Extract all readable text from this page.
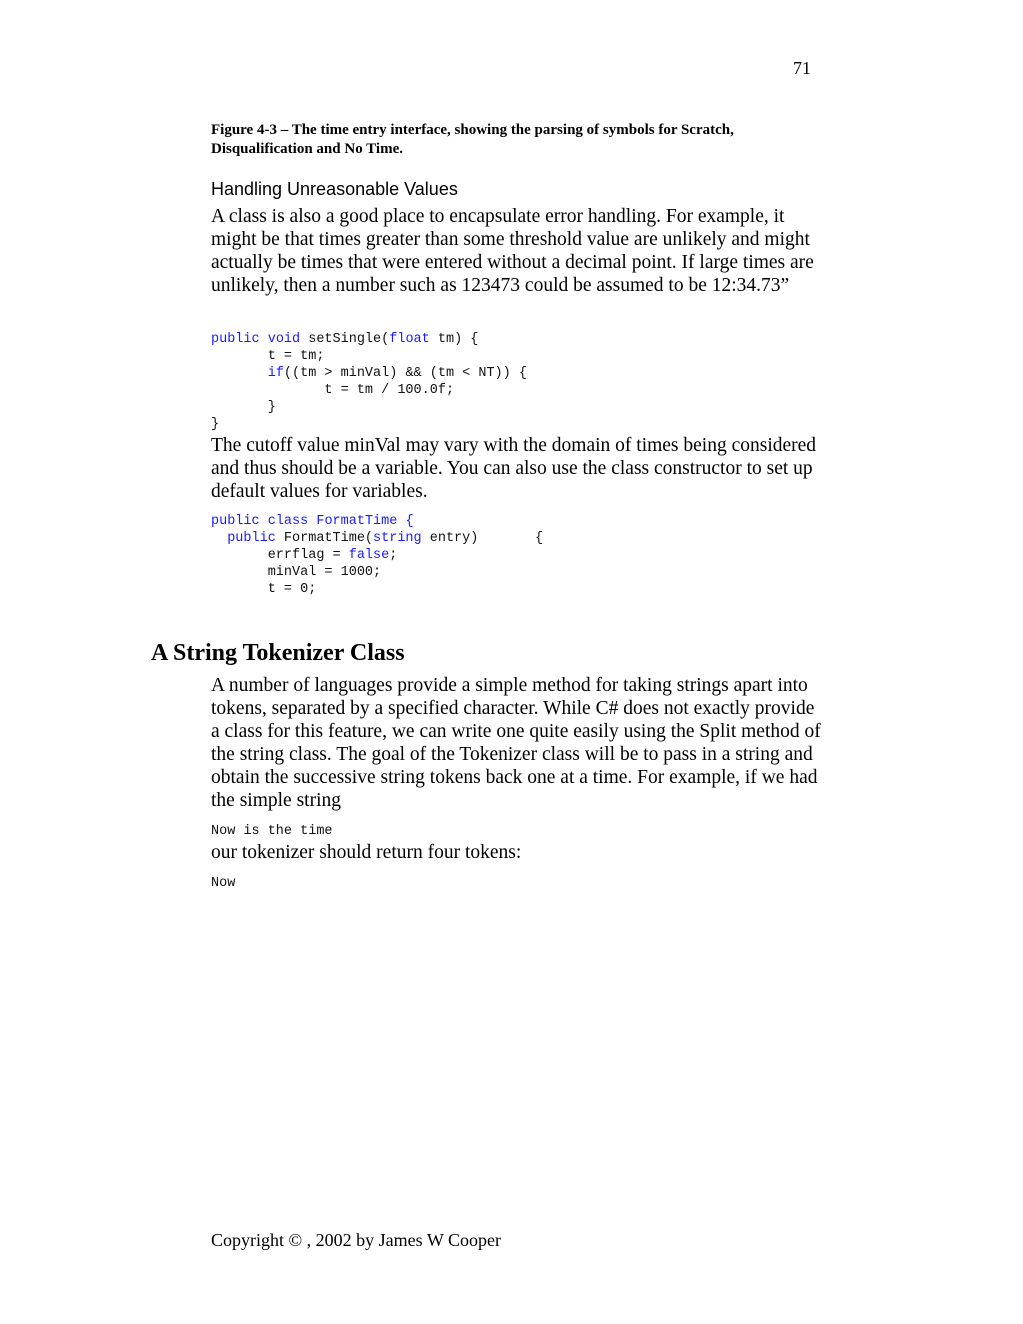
71
Figure 4-3 – The time entry interface, showing the parsing of symbols for Scratch, Disqualification and No Time.
Handling Unreasonable Values
A class is also a good place to encapsulate error handling. For example, it might be that times greater than some threshold value are unlikely and might actually be times that were entered without a decimal point. If large times are unlikely, then a number such as 123473 could be assumed to be 12:34.73”
public void setSingle(float tm) {
t = tm;
if((tm > minVal) && (tm < NT)) {
t = tm / 100.0f;
}
}
The cutoff value minVal may vary with the domain of times being considered and thus should be a variable. You can also use the class constructor to set up default values for variables.
public class FormatTime {
public FormatTime(string entry)       {
errflag = false;
minVal = 1000;
t = 0;
A String Tokenizer Class
A number of languages provide a simple method for taking strings apart into tokens, separated by a specified character. While C# does not exactly provide a class for this feature, we can write one quite easily using the Split method of the string class. The goal of the Tokenizer class will be to pass in a string and obtain the successive string tokens back one at a time. For example, if we had the simple string
Now is the time
our tokenizer should return four tokens:
Now
Copyright © , 2002 by James W Cooper
